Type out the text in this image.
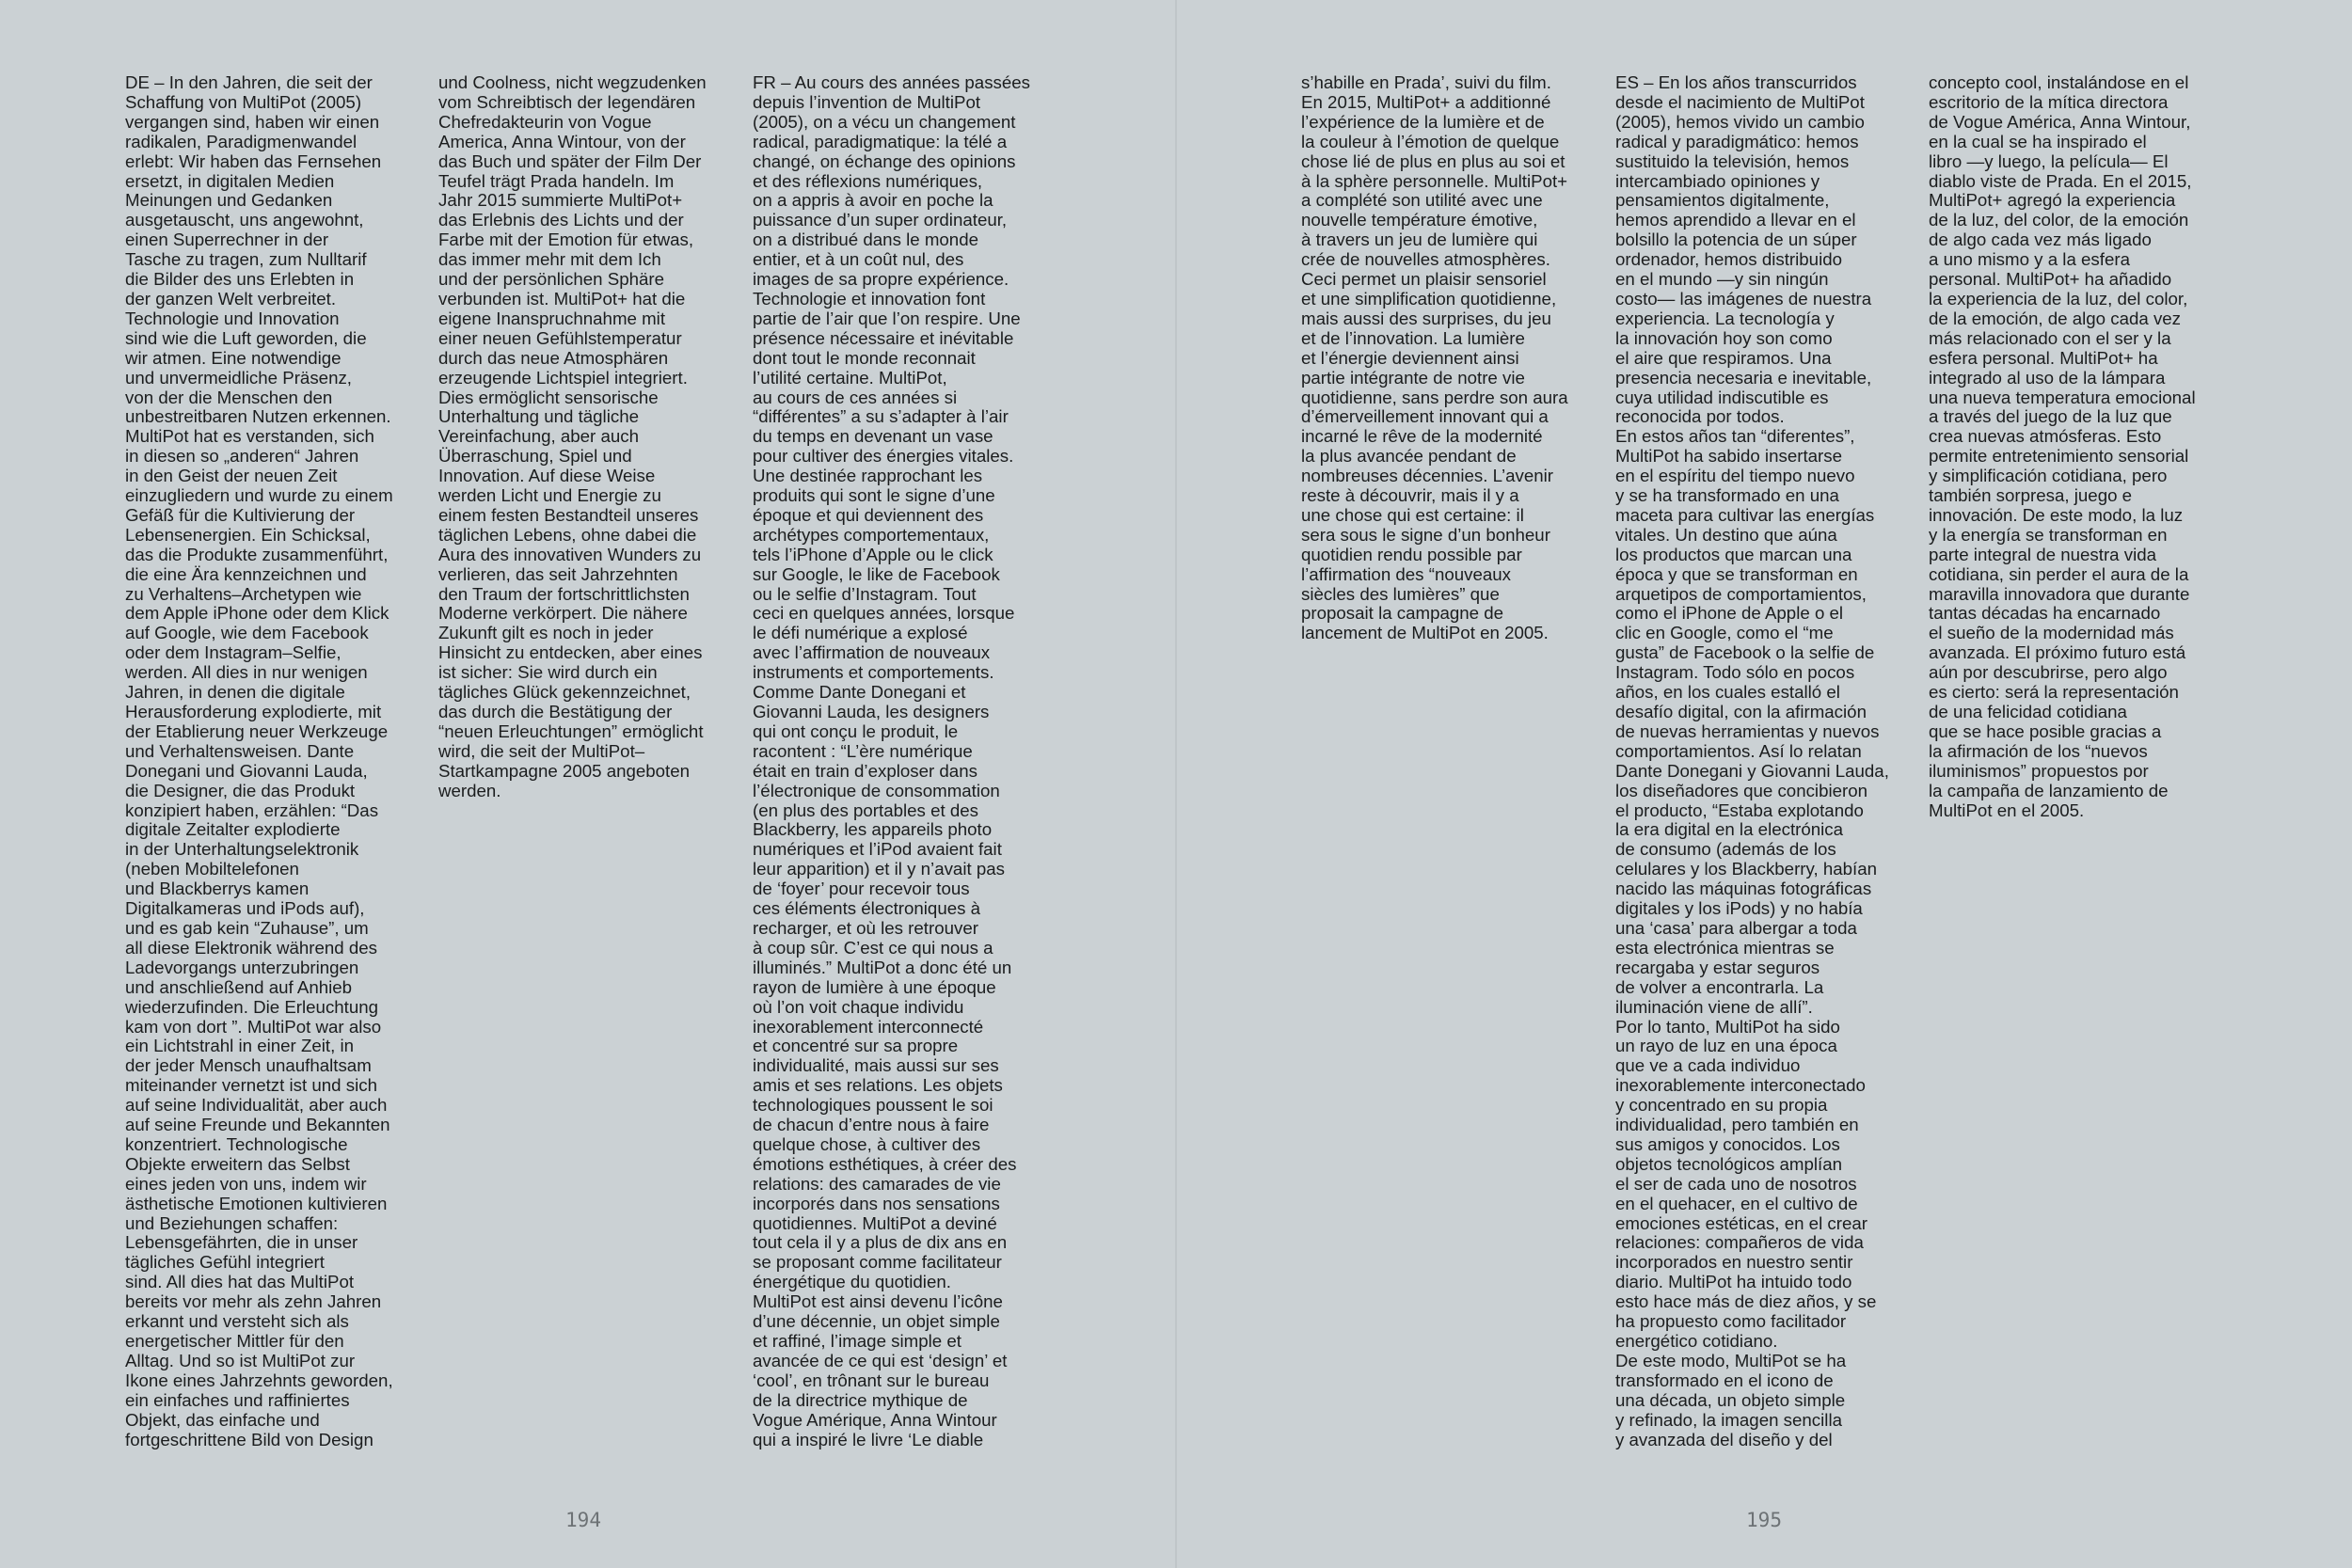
DE – In den Jahren, die seit der
Schaffung von MultiPot (2005)
vergangen sind, haben wir einen
radikalen, Paradigmenwandel
erlebt: Wir haben das Fernsehen
ersetzt, in digitalen Medien
Meinungen und Gedanken
ausgetauscht, uns angewohnt,
einen Superrechner in der
Tasche zu tragen, zum Nulltarif
die Bilder des uns Erlebten in
der ganzen Welt verbreitet.
Technologie und Innovation
sind wie die Luft geworden, die
wir atmen. Eine notwendige
und unvermeidliche Präsenz,
von der die Menschen den
unbestreitbaren Nutzen erkennen.
MultiPot hat es verstanden, sich
in diesen so „anderen“ Jahren
in den Geist der neuen Zeit
einzugliedern und wurde zu einem
Gefäß für die Kultivierung der
Lebensenergien. Ein Schicksal,
das die Produkte zusammenführt,
die eine Ära kennzeichnen und
zu Verhaltens–Archetypen wie
dem Apple iPhone oder dem Klick
auf Google, wie dem Facebook
oder dem Instagram–Selfie,
werden. All dies in nur wenigen
Jahren, in denen die digitale
Herausforderung explodierte, mit
der Etablierung neuer Werkzeuge
und Verhaltensweisen. Dante
Donegani und Giovanni Lauda,
die Designer, die das Produkt
konzipiert haben, erzählen: “Das
digitale Zeitalter explodierte
in der Unterhaltungselektronik
(neben Mobiltelefonen
und Blackberrys kamen
Digitalkameras und iPods auf),
und es gab kein “Zuhause”, um
all diese Elektronik während des
Ladevorgangs unterzubringen
und anschließend auf Anhieb
wiederzufinden. Die Erleuchtung
kam von dort ”. MultiPot war also
ein Lichtstrahl in einer Zeit, in
der jeder Mensch unaufhaltsam
miteinander vernetzt ist und sich
auf seine Individualität, aber auch
auf seine Freunde und Bekannten
konzentriert. Technologische
Objekte erweitern das Selbst
eines jeden von uns, indem wir
ästhetische Emotionen kultivieren
und Beziehungen schaffen:
Lebensgefährten, die in unser
tägliches Gefühl integriert
sind. All dies hat das MultiPot
bereits vor mehr als zehn Jahren
erkannt und versteht sich als
energetischer Mittler für den
Alltag. Und so ist MultiPot zur
Ikone eines Jahrzehnts geworden,
ein einfaches und raffiniertes
Objekt, das einfache und
fortgeschrittene Bild von Design

und Coolness, nicht wegzudenken
vom Schreibtisch der legendären
Chefredakteurin von Vogue
America, Anna Wintour, von der
das Buch und später der Film Der
Teufel trägt Prada handeln. Im
Jahr 2015 summierte MultiPot+
das Erlebnis des Lichts und der
Farbe mit der Emotion für etwas,
das immer mehr mit dem Ich
und der persönlichen Sphäre
verbunden ist. MultiPot+ hat die
eigene Inanspruchnahme mit
einer neuen Gefühlstemperatur
durch das neue Atmosphären
erzeugende Lichtspiel integriert.
Dies ermöglicht sensorische
Unterhaltung und tägliche
Vereinfachung, aber auch
Überraschung, Spiel und
Innovation. Auf diese Weise
werden Licht und Energie zu
einem festen Bestandteil unseres
täglichen Lebens, ohne dabei die
Aura des innovativen Wunders zu
verlieren, das seit Jahrzehnten
den Traum der fortschrittlichsten
Moderne verkörpert. Die nähere
Zukunft gilt es noch in jeder
Hinsicht zu entdecken, aber eines
ist sicher: Sie wird durch ein
tägliches Glück gekennzeichnet,
das durch die Bestätigung der
“neuen Erleuchtungen” ermöglicht
wird, die seit der MultiPot–
Startkampagne 2005 angeboten
werden.

FR – Au cours des années passées
depuis l’invention de MultiPot
(2005), on a vécu un changement
radical, paradigmatique: la télé a
changé, on échange des opinions
et des réflexions numériques,
on a appris à avoir en poche la
puissance d’un super ordinateur,
on a distribué dans le monde
entier, et à un coût nul, des
images de sa propre expérience.
Technologie et innovation font
partie de l’air que l’on respire. Une
présence nécessaire et inévitable
dont tout le monde reconnait
l’utilité certaine. MultiPot,
au cours de ces années si
“différentes” a su s’adapter à l’air
du temps en devenant un vase
pour cultiver des énergies vitales.
Une destinée rapprochant les
produits qui sont le signe d’une
époque et qui deviennent des
archétypes comportementaux,
tels l’iPhone d’Apple ou le click
sur Google, le like de Facebook
ou le selfie d’Instagram. Tout
ceci en quelques années, lorsque
le défi numérique a explosé
avec l’affirmation de nouveaux
instruments et comportements.
Comme Dante Donegani et
Giovanni Lauda, les designers
qui ont conçu le produit, le
racontent : “L’ère numérique
était en train d’exploser dans
l’électronique de consommation
(en plus des portables et des
Blackberry, les appareils photo
numériques et l’iPod avaient fait
leur apparition) et il y n’avait pas
de ‘foyer’ pour recevoir tous
ces éléments électroniques à
recharger, et où les retrouver
à coup sûr. C’est ce qui nous a
illuminés.” MultiPot a donc été un
rayon de lumière à une époque
où l’on voit chaque individu
inexorablement interconnecté
et concentré sur sa propre
individualité, mais aussi sur ses
amis et ses relations. Les objets
technologiques poussent le soi
de chacun d’entre nous à faire
quelque chose, à cultiver des
émotions esthétiques, à créer des
relations: des camarades de vie
incorporés dans nos sensations
quotidiennes. MultiPot a deviné
tout cela il y a plus de dix ans en
se proposant comme facilitateur
énergétique du quotidien.
MultiPot est ainsi devenu l’icône
d’une décennie, un objet simple
et raffiné, l’image simple et
avancée de ce qui est ‘design’ et
‘cool’, en trônant sur le bureau
de la directrice mythique de
Vogue Amérique, Anna Wintour
qui a inspiré le livre ‘Le diable

194

s’habille en Prada’, suivi du film.
En 2015, MultiPot+ a additionné
l’expérience de la lumière et de
la couleur à l’émotion de quelque
chose lié de plus en plus au soi et
à la sphère personnelle. MultiPot+
a complété son utilité avec une
nouvelle température émotive,
à travers un jeu de lumière qui
crée de nouvelles atmosphères.
Ceci permet un plaisir sensoriel
et une simplification quotidienne,
mais aussi des surprises, du jeu
et de l’innovation. La lumière
et l’énergie deviennent ainsi
partie intégrante de notre vie
quotidienne, sans perdre son aura
d’émerveillement innovant qui a
incarné le rêve de la modernité
la plus avancée pendant de
nombreuses décennies. L’avenir
reste à découvrir, mais il y a
une chose qui est certaine: il
sera sous le signe d’un bonheur
quotidien rendu possible par
l’affirmation des “nouveaux
siècles des lumières” que
proposait la campagne de
lancement de MultiPot en 2005.

ES – En los años transcurridos
desde el nacimiento de MultiPot
(2005), hemos vivido un cambio
radical y paradigmático: hemos
sustituido la televisión, hemos
intercambiado opiniones y
pensamientos digitalmente,
hemos aprendido a llevar en el
bolsillo la potencia de un súper
ordenador, hemos distribuido
en el mundo —y sin ningún
costo— las imágenes de nuestra
experiencia. La tecnología y
la innovación hoy son como
el aire que respiramos. Una
presencia necesaria e inevitable,
cuya utilidad indiscutible es
reconocida por todos.
En estos años tan “diferentes”,
MultiPot ha sabido insertarse
en el espíritu del tiempo nuevo
y se ha transformado en una
maceta para cultivar las energías
vitales. Un destino que aúna
los productos que marcan una
época y que se transforman en
arquetipos de comportamientos,
como el iPhone de Apple o el
clic en Google, como el “me
gusta” de Facebook o la selfie de
Instagram. Todo sólo en pocos
años, en los cuales estalló el
desafío digital, con la afirmación
de nuevas herramientas y nuevos
comportamientos. Así lo relatan
Dante Donegani y Giovanni Lauda,
los diseñadores que concibieron
el producto, “Estaba explotando
la era digital en la electrónica
de consumo (además de los
celulares y los Blackberry, habían
nacido las máquinas fotográficas
digitales y los iPods) y no había
una ‘casa’ para albergar a toda
esta electrónica mientras se
recargaba y estar seguros
de volver a encontrarla. La
iluminación viene de allí”.
Por lo tanto, MultiPot ha sido
un rayo de luz en una época
que ve a cada individuo
inexorablemente interconectado
y concentrado en su propia
individualidad, pero también en
sus amigos y conocidos. Los
objetos tecnológicos amplían
el ser de cada uno de nosotros
en el quehacer, en el cultivo de
emociones estéticas, en el crear
relaciones: compañeros de vida
incorporados en nuestro sentir
diario. MultiPot ha intuido todo
esto hace más de diez años, y se
ha propuesto como facilitador
energético cotidiano.
De este modo, MultiPot se ha
transformado en el icono de
una década, un objeto simple
y refinado, la imagen sencilla
y avanzada del diseño y del

concepto cool, instalándose en el
escritorio de la mítica directora
de Vogue América, Anna Wintour,
en la cual se ha inspirado el
libro —y luego, la película— El
diablo viste de Prada. En el 2015,
MultiPot+ agregó la experiencia
de la luz, del color, de la emoción
de algo cada vez más ligado
a uno mismo y a la esfera
personal. MultiPot+ ha añadido
la experiencia de la luz, del color,
de la emoción, de algo cada vez
más relacionado con el ser y la
esfera personal. MultiPot+ ha
integrado al uso de la lámpara
una nueva temperatura emocional
a través del juego de la luz que
crea nuevas atmósferas. Esto
permite entretenimiento sensorial
y simplificación cotidiana, pero
también sorpresa, juego e
innovación. De este modo, la luz
y la energía se transforman en
parte integral de nuestra vida
cotidiana, sin perder el aura de la
maravilla innovadora que durante
tantas décadas ha encarnado
el sueño de la modernidad más
avanzada. El próximo futuro está
aún por descubrirse, pero algo
es cierto: será la representación
de una felicidad cotidiana
que se hace posible gracias a
la afirmación de los “nuevos
iluminismos” propuestos por
la campaña de lanzamiento de
MultiPot en el 2005.

195
